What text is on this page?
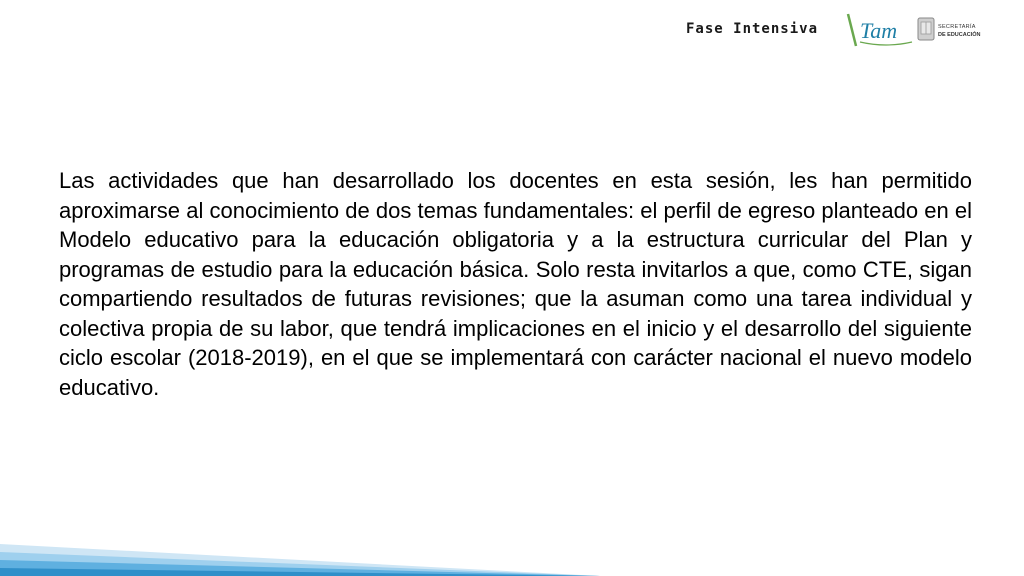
Fase Intensiva Tam	SECRETARÍA
DE EDUCACIÓN
Las actividades que han desarrollado los docentes en esta sesión, les han permitido aproximarse al conocimiento de dos temas fundamentales: el perfil de egreso planteado en el Modelo educativo para la educación obligatoria y a la estructura curricular del Plan y programas de estudio para la educación básica. Solo resta invitarlos a que, como CTE, sigan compartiendo resultados de futuras revisiones; que la asuman como una tarea individual y colectiva propia de su labor, que tendrá implicaciones en el inicio y el desarrollo del siguiente ciclo escolar (2018-2019), en el que se implementará con carácter nacional el nuevo modelo educativo.
